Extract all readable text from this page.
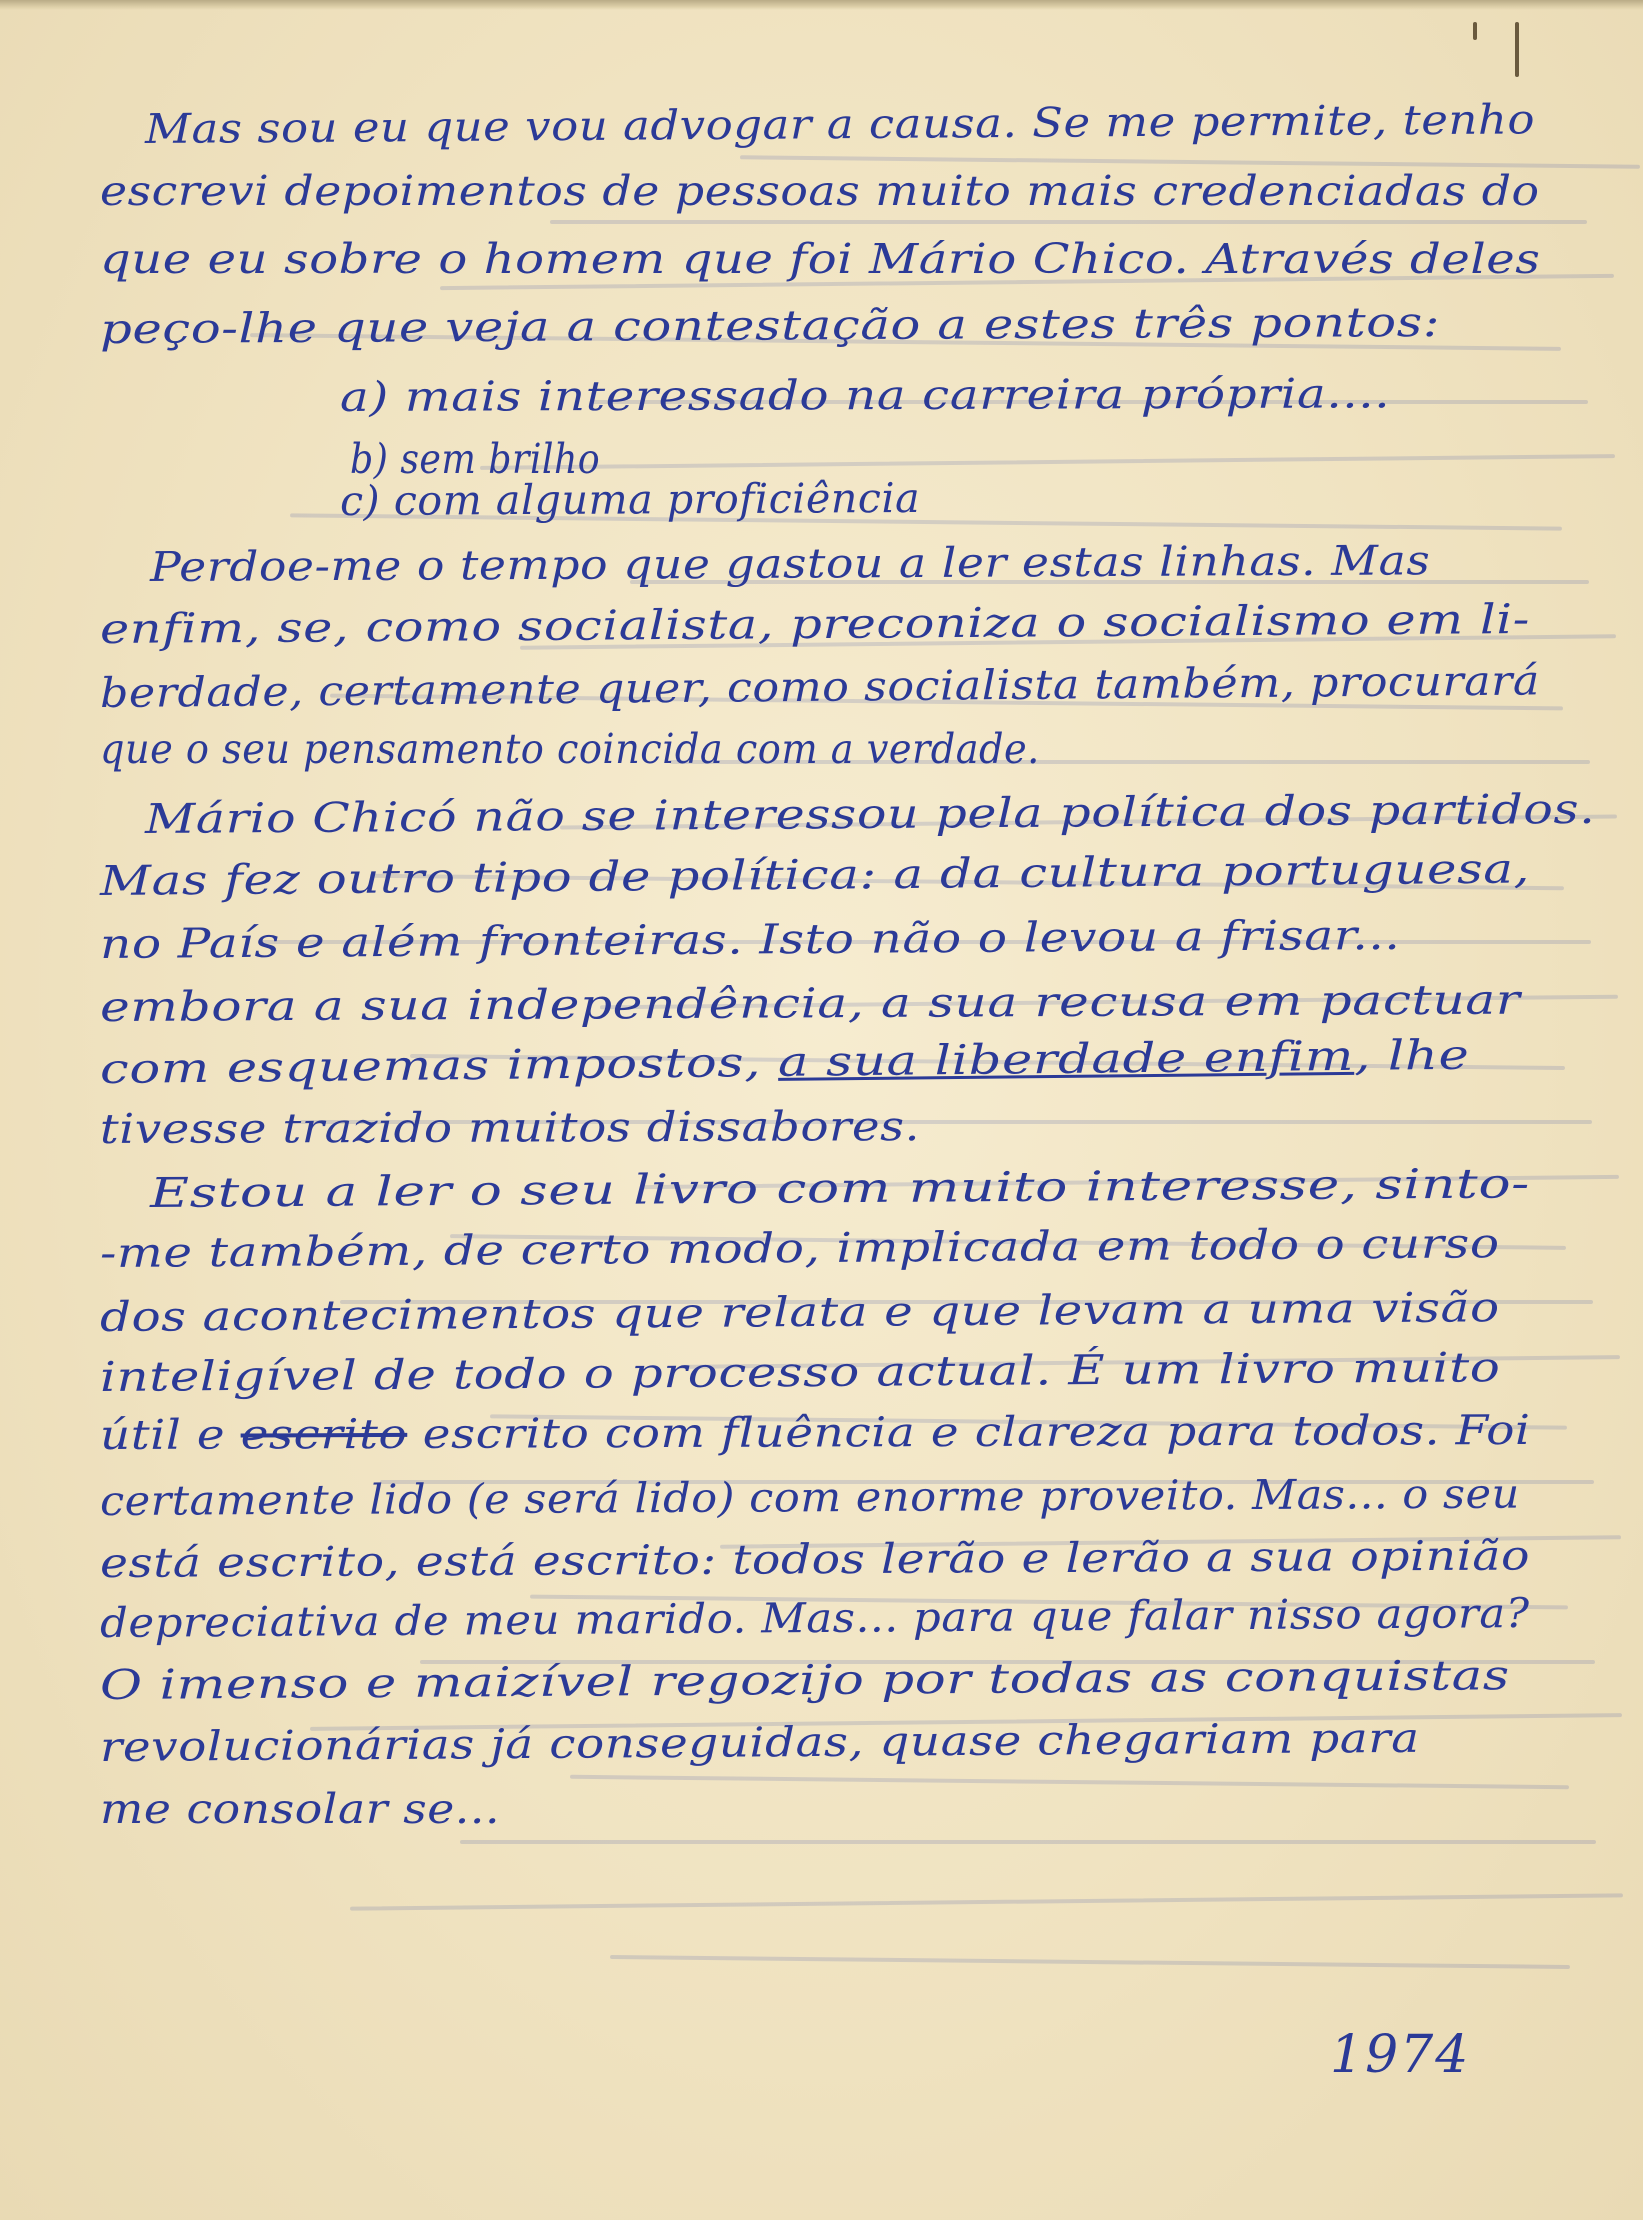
Mas sou eu que vou advogar a causa. Se me permite, tenho
escrevi depoimentos de pessoas muito mais credenciadas do
que eu sobre o homem que foi Mário Chico. Através deles
peço-lhe que veja a contestação a estes três pontos:
a) mais interessado na carreira própria....
b) sem brilho
c) com alguma proficiência
Perdoe-me o tempo que gastou a ler estas linhas. Mas
enfim, se, como socialista, preconiza o socialismo em li-
berdade, certamente quer, como socialista também, procurará
que o seu pensamento coincida com a verdade.
Mário Chicó não se interessou pela política dos partidos.
Mas fez outro tipo de política: a da cultura portuguesa,
no País e além fronteiras. Isto não o levou a frisar...
embora a sua independência, a sua recusa em pactuar
com esquemas impostos, a sua liberdade enfim, lhe
tivesse trazido muitos dissabores.
Estou a ler o seu livro com muito interesse, sinto-
-me também, de certo modo, implicada em todo o curso
dos acontecimentos que relata e que levam a uma visão
inteligível de todo o processo actual. É um livro muito
útil e escrito escrito com fluência e clareza para todos. Foi
certamente lido (e será lido) com enorme proveito. Mas... o seu
está escrito, está escrito: todos lerão e lerão a sua opinião
depreciativa de meu marido. Mas... para que falar nisso agora?
O imenso e maizível regozijo por todas as conquistas
revolucionárias já conseguidas, quase chegariam para
me consolar se...
1974
